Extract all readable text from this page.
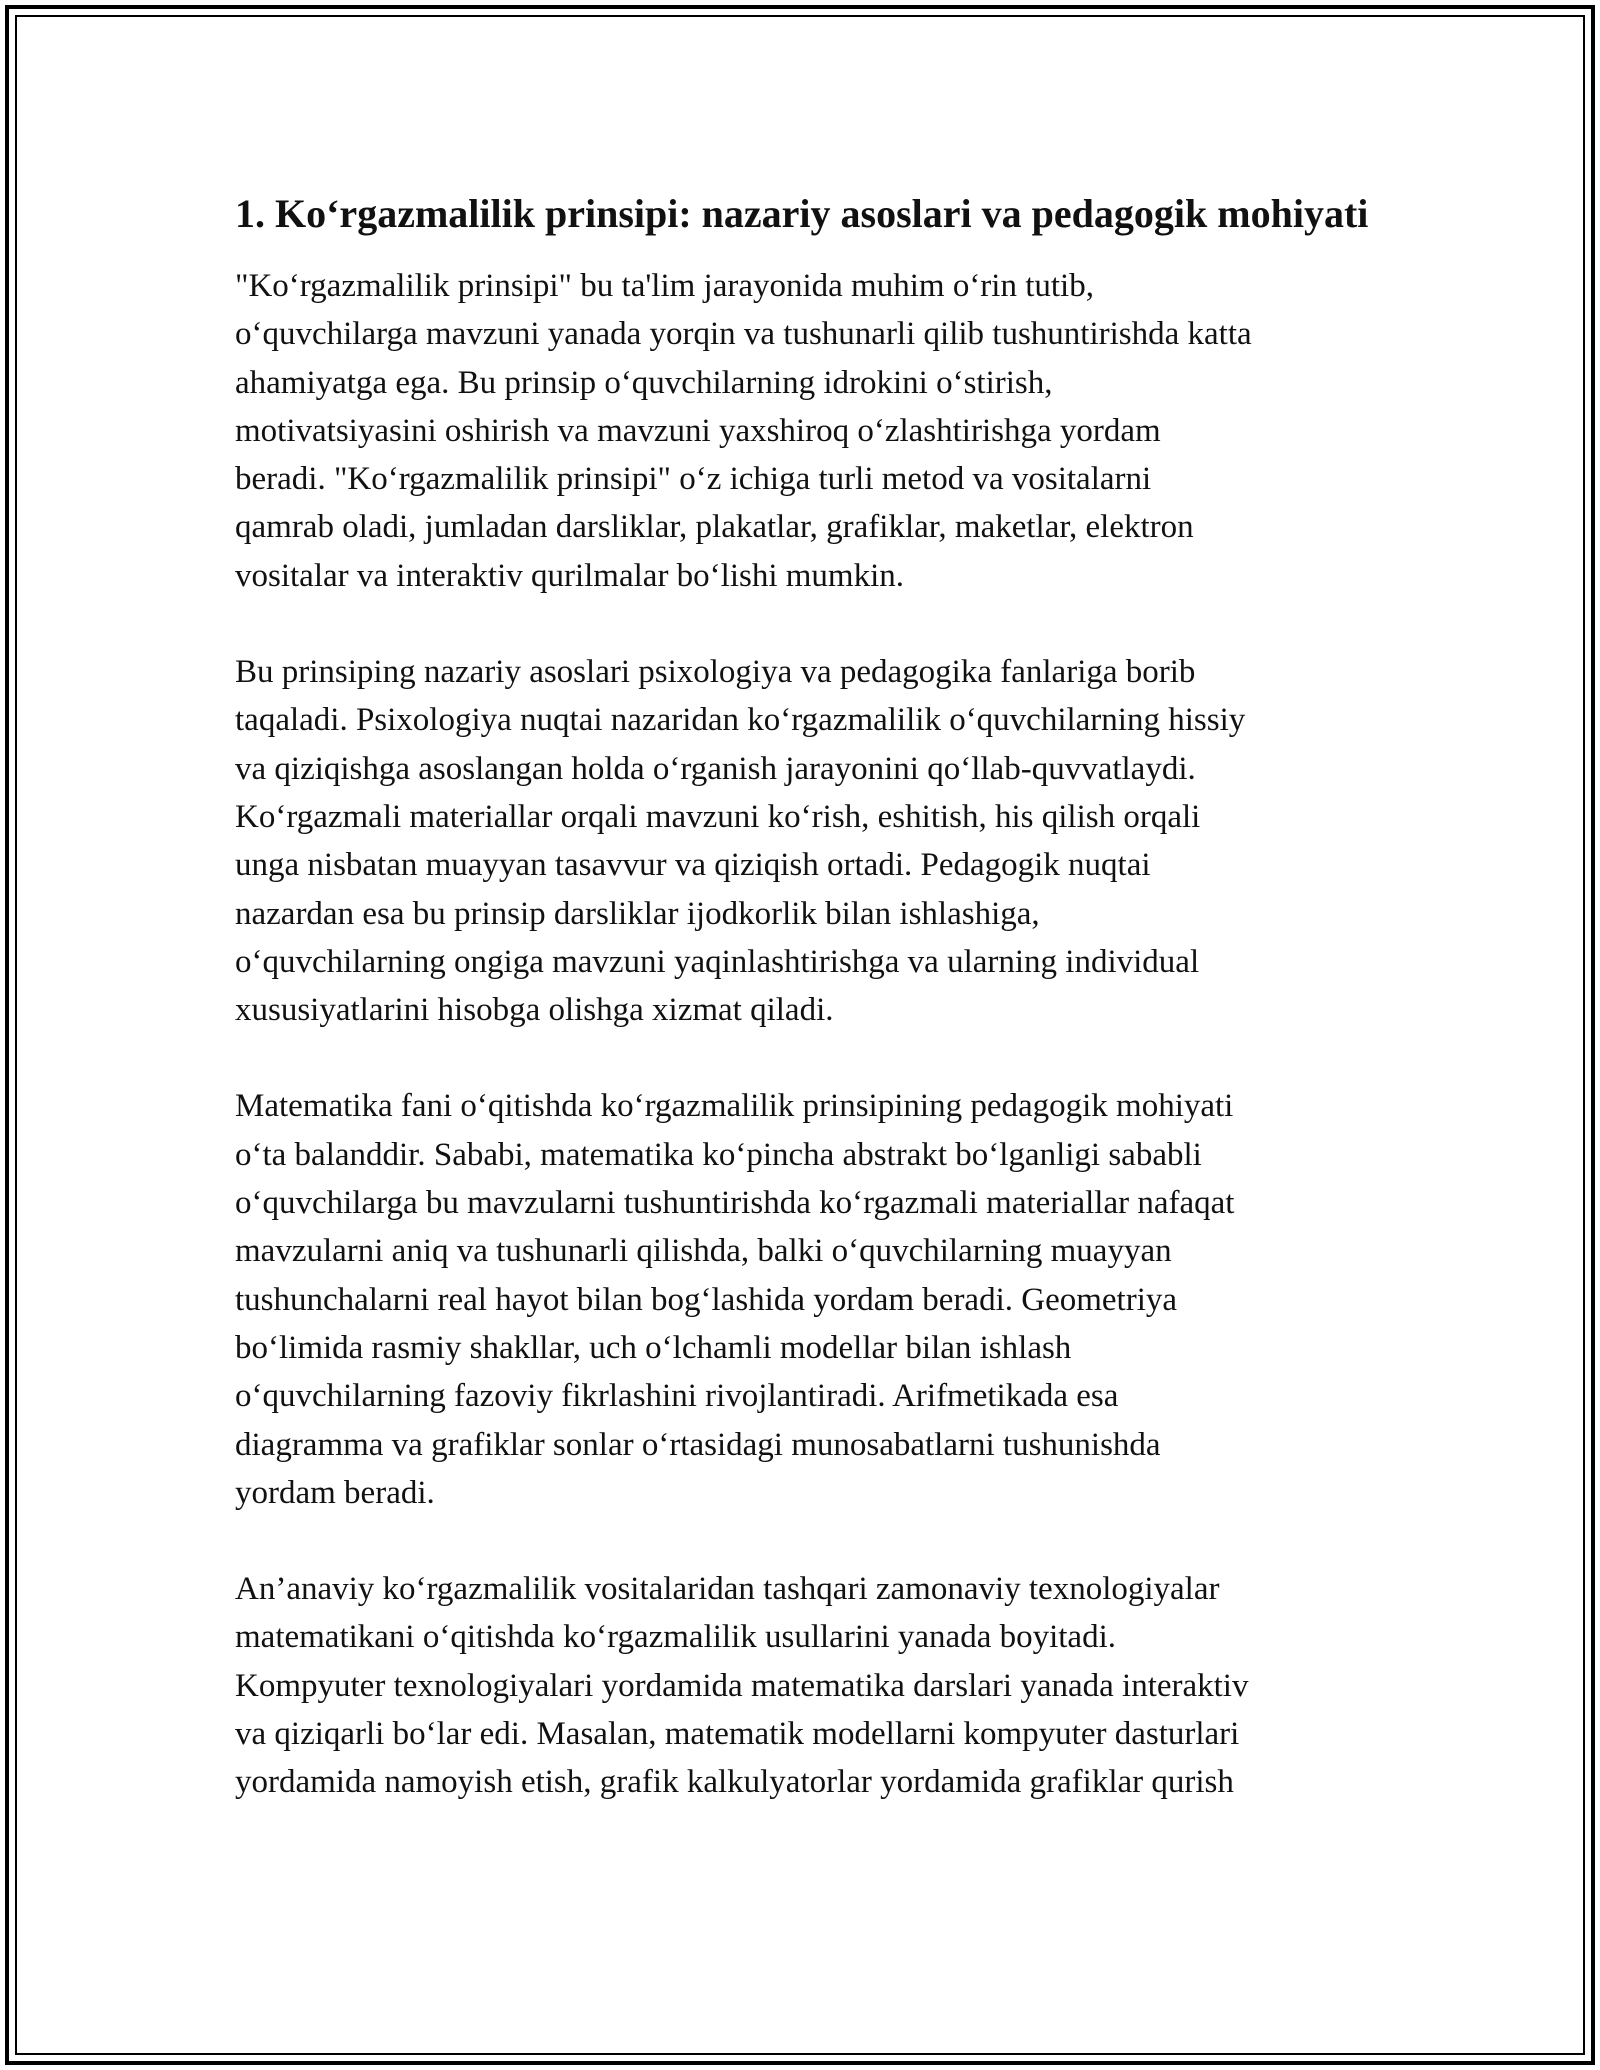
1. Ko‘rgazmalilik prinsipi: nazariy asoslari va pedagogik mohiyati

"Ko‘rgazmalilik prinsipi" bu ta'lim jarayonida muhim o‘rin tutib,
o‘quvchilarga mavzuni yanada yorqin va tushunarli qilib tushuntirishda katta
ahamiyatga ega. Bu prinsip o‘quvchilarning idrokini o‘stirish,
motivatsiyasini oshirish va mavzuni yaxshiroq o‘zlashtirishga yordam
beradi. "Ko‘rgazmalilik prinsipi" o‘z ichiga turli metod va vositalarni
qamrab oladi, jumladan darsliklar, plakatlar, grafiklar, maketlar, elektron
vositalar va interaktiv qurilmalar bo‘lishi mumkin.

Bu prinsiping nazariy asoslari psixologiya va pedagogika fanlariga borib
taqaladi. Psixologiya nuqtai nazaridan ko‘rgazmalilik o‘quvchilarning hissiy
va qiziqishga asoslangan holda o‘rganish jarayonini qo‘llab-quvvatlaydi.
Ko‘rgazmali materiallar orqali mavzuni ko‘rish, eshitish, his qilish orqali
unga nisbatan muayyan tasavvur va qiziqish ortadi. Pedagogik nuqtai
nazardan esa bu prinsip darsliklar ijodkorlik bilan ishlashiga,
o‘quvchilarning ongiga mavzuni yaqinlashtirishga va ularning individual
xususiyatlarini hisobga olishga xizmat qiladi.

Matematika fani o‘qitishda ko‘rgazmalilik prinsipining pedagogik mohiyati
o‘ta balanddir. Sababi, matematika ko‘pincha abstrakt bo‘lganligi sababli
o‘quvchilarga bu mavzularni tushuntirishda ko‘rgazmali materiallar nafaqat
mavzularni aniq va tushunarli qilishda, balki o‘quvchilarning muayyan
tushunchalarni real hayot bilan bog‘lashida yordam beradi. Geometriya
bo‘limida rasmiy shakllar, uch o‘lchamli modellar bilan ishlash
o‘quvchilarning fazoviy fikrlashini rivojlantiradi. Arifmetikada esa
diagramma va grafiklar sonlar o‘rtasidagi munosabatlarni tushunishda
yordam beradi.

An’anaviy ko‘rgazmalilik vositalaridan tashqari zamonaviy texnologiyalar
matematikani o‘qitishda ko‘rgazmalilik usullarini yanada boyitadi.
Kompyuter texnologiyalari yordamida matematika darslari yanada interaktiv
va qiziqarli bo‘lar edi. Masalan, matematik modellarni kompyuter dasturlari
yordamida namoyish etish, grafik kalkulyatorlar yordamida grafiklar qurish
